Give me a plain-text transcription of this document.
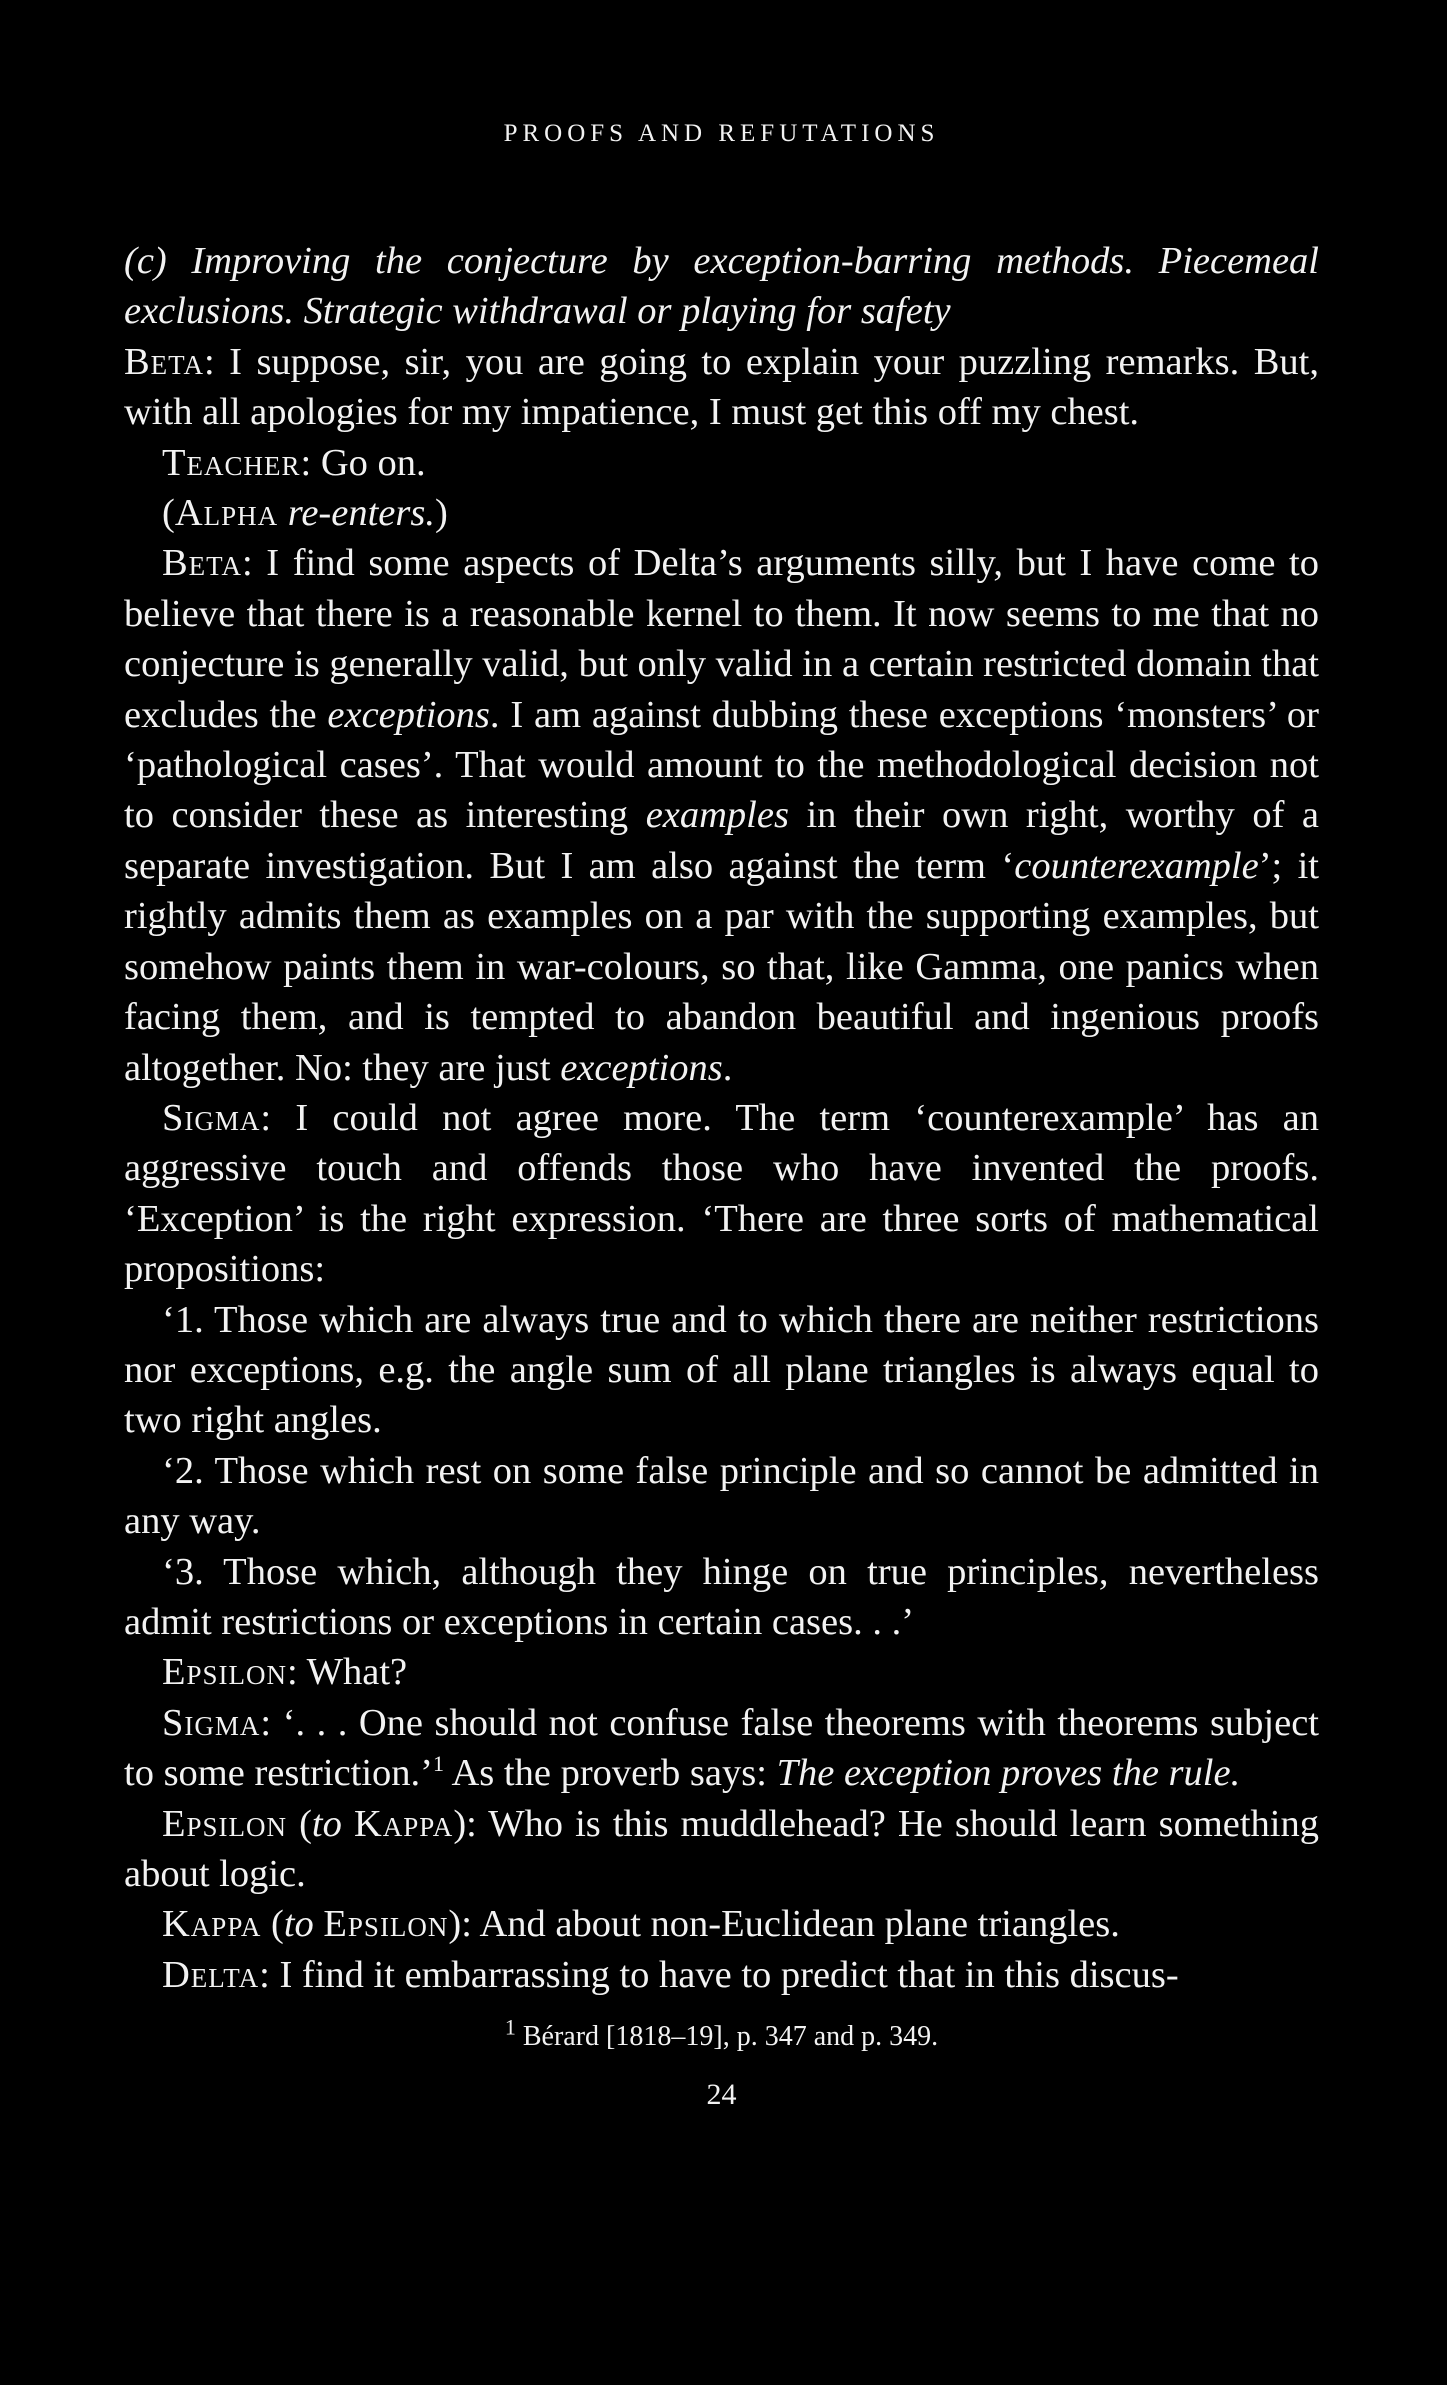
PROOFS AND REFUTATIONS

(c) Improving the conjecture by exception-barring methods. Piecemeal exclusions. Strategic withdrawal or playing for safety

Beta: I suppose, sir, you are going to explain your puzzling remarks. But, with all apologies for my impatience, I must get this off my chest.

Teacher: Go on.

(Alpha re-enters.)

Beta: I find some aspects of Delta’s arguments silly, but I have come to believe that there is a reasonable kernel to them. It now seems to me that no conjecture is generally valid, but only valid in a certain restricted domain that excludes the exceptions. I am against dubbing these exceptions ‘monsters’ or ‘pathological cases’. That would amount to the methodological decision not to consider these as interesting examples in their own right, worthy of a separate investigation. But I am also against the term ‘counterexample’; it rightly admits them as examples on a par with the supporting examples, but somehow paints them in war-colours, so that, like Gamma, one panics when facing them, and is tempted to abandon beautiful and ingenious proofs altogether. No: they are just exceptions.

Sigma: I could not agree more. The term ‘counterexample’ has an aggressive touch and offends those who have invented the proofs. ‘Exception’ is the right expression. ‘There are three sorts of mathematical propositions:

‘1. Those which are always true and to which there are neither restrictions nor exceptions, e.g. the angle sum of all plane triangles is always equal to two right angles.

‘2. Those which rest on some false principle and so cannot be admitted in any way.

‘3. Those which, although they hinge on true principles, nevertheless admit restrictions or exceptions in certain cases. . .’

Epsilon: What?

Sigma: ‘. . . One should not confuse false theorems with theorems subject to some restriction.’$^1$ As the proverb says: The exception proves the rule.

Epsilon (to Kappa): Who is this muddlehead? He should learn something about logic.

Kappa (to Epsilon): And about non-Euclidean plane triangles.

Delta: I find it embarrassing to have to predict that in this discus-

$^1$ Bérard [1818–19], p. 347 and p. 349.
24
